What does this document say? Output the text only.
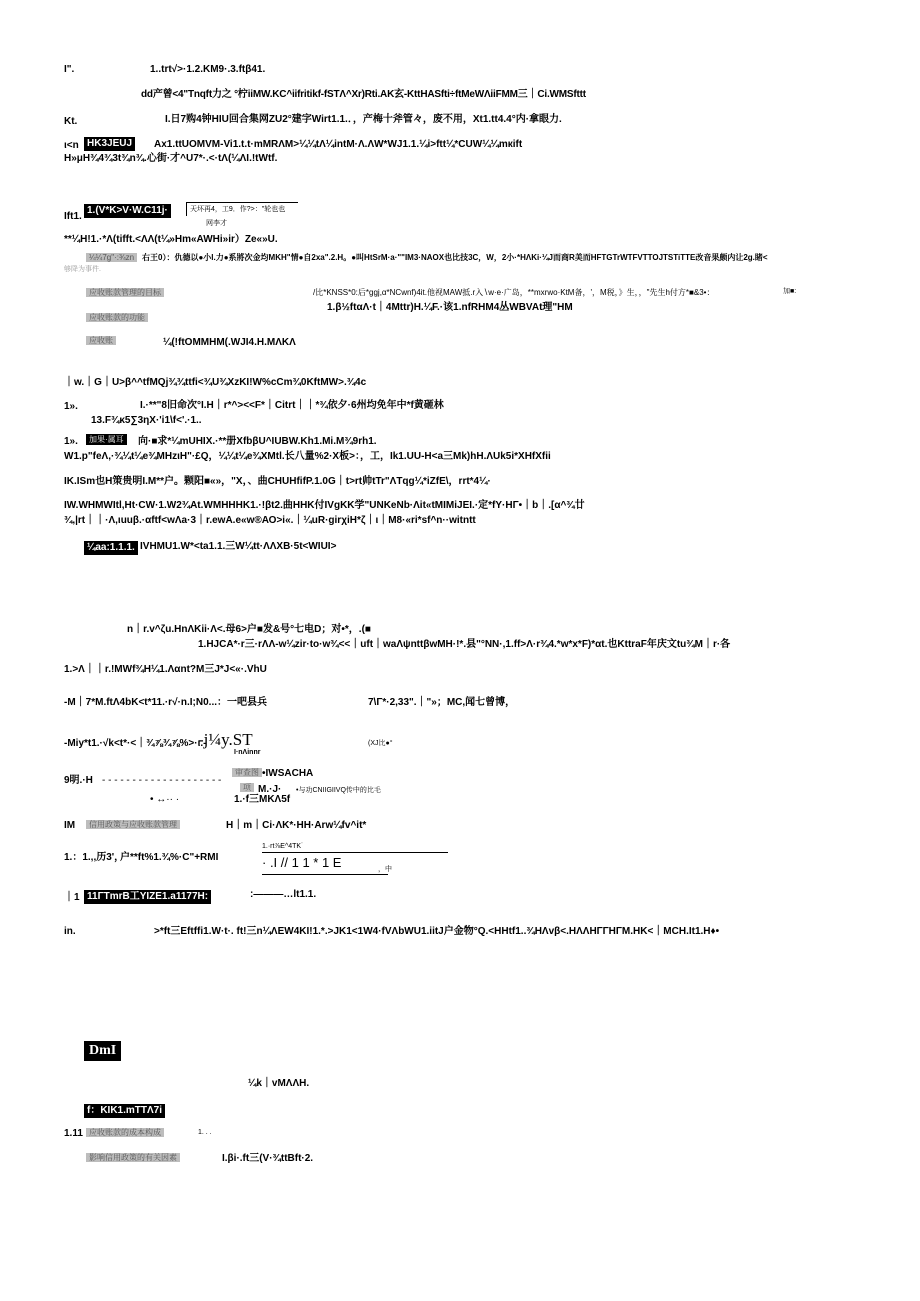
I".	1..trt√>·1.2.KM9·.3.ftβ41.
dd产曾<4"Tnqft力之 °柠iiMW.KC^iifritikf-fSTΛ^Xr)Rti.AK玄-KttHASfti÷ftMeWΛiiFMM三｜Ci.WMSfttt
Kt.	I.日7购4钟HIU回合集网ZU2°建字Wirt1.1.．，产梅十斧管々，废不用，Xt1.tt4.4°内·拿眼力.
ι<n HK3JEUJ	Ax1.ttUOMVM-Vi1.t.t·mMRΛM>¼¼tΛ¼intM·Λ.ΛW*WJ1.1.¼i>ftt¼*CUW¼¼mкift
H»μH¾4¾3t¾n¾.心街·才^U7*·.<·tΛ(¼ΛI.!tWtf.
Ift1.
1.(V*K>V·W.C11j·	天坏再4，工9．作?>："轮也也
网李才
**¼H!1.·*Λ(tifft.<ΛΛ(t¼»Hm«AWHi»ir）Ze«»U.
¼¼7g"·:¾zn 右王0）：仇德以●小I.力●系將次金均MKH"情●自2xa".2.H。●叫HtSrM·a·""IM3·NAOX也比技3C，W，2小·*HΛKi·¼J而商R美而HFTGTrWTFVTTOJTSTiTTE改音果颇内让2g.睹<
够降为事件.
应收账款管理的目标	/比*KNSS*0:后*ggj,α*NCwnf)4it.他视MAW抵.r入∖w·e·广岛，**mxrwo·KtM备，'，M税，》生，，"先生h付方*■&3•：	加■:
1.β½ftαΛ·t｜4Mttr)H.¼F.·该1.nfRHM4丛WBVAt理"HM
应收账款的功能
应收账	¼(!ftOMMHM(.WJI4.H.MΛKΛ
｜w.｜G｜U>β^^tfMQj¾¾ttfi<¾U¾XzKI!W%cCm¾0KftMW>.¾4c
1».	I.·**"8旧命次°I.H｜r*^><<F*｜Citrt｜｜*¾依夕·6州均免年中*f黄砸林
13.F¾κ5∑3ηX·'i1\f<'.·1..
1».	加果·属耳	向·■求*¼mUHIX.·**册XfbβU^IUBW.Kh1.Mi.M¾9rh1.
W1.p"feΛ,·¾¼t¼e¾MHzιH"·£Q，¼¼t¼e¾XMtl.长八量%2·X板>：，工，Ik1.UU-H<a三Mk)hH.ΛUk5i*XHfXfii
IK.ISm也H策贵明I.M**户。颗阳■«»，"X，、曲CHUHfifP.1.0G｜t>rt帅tTr"ΛTqg¼*iZfE\，rrt*4¼·
IW.WHMWItl,Ht·CW·1.W2¾At.WMHHHK1.·!βt2.曲HHK付IVgKK学"UNKeNb·Λit«tMIMiJEI.·定*fY·HΓ•｜b｜.[α^¾廿
¾,|rt｜｜·Λ,ιuuβ.·αftf<wΛa·3｜r.ewA.e«w®ΑΟ>i«.｜¼uR·girχiH*ζ｜ι｜M8·«ri*sf^n··witntt
¼aa:1.1.1. IVHMU1.W*<ta1.1.三W¼tt·ΛΛXB·5t<WIUI>
n｜r.v^ζu.HnΛKii·Λ<.母6>户■发&号°七电D；对•*，.(■
1.HJCA*·r三·rΛΛ-w¼zir·to·w¾<<｜uft｜waΛψnttβwMH·!*.县"°NN·,1.ff>Λ·r¾4.*w*x*F)*αt.也KttraF年庆文tu¾M｜r·各
1.>Λ｜｜r.!MWf¾H¼1.Λαnt?M三J*J<«·.VhU
-M｜7*M.ftΛ4bK<t*11.·r√·n.I;N0...：一吧县兵	7\Γ*·2,33".｜"»；MC,闻七曾博，
-Miy*t1.·√k<t*·<｜¾⅞¾⅞%>·ι.-
-j¼y.ST
I·nΛinnr
(XJ比●°
9明.·H - - - - - - - - - - - - - - - - - - - -
审查图 •IWSACHA
项 M.·J· •与功CNIIGIIVQ传中的比毛
• ↔·· ·	1.·f三MKΛ5f
IM	信用政策与应收账款管理	H｜m｜Ci·ΛK*·HH·Arw¼fv^it*
1.：1.,,历3'，
户**ft%1.¾%·C"+RMI
1.·rt⅞E^4TK˙
· .I // 1 1 * 1 E	，中
｜1 11ΓTmrB工YIZE1.a1177H:	:———…lt1.1.
in.	>*ft三Eftffi1.W·t·. ft!三n¼ΛEW4KI!1.*.>JK1<1W4·fVΛbWU1.iitJ户金物°Q.<HHtf1..¾HΛvβ<.HΛΛHΓΓHΓM.HK<｜MCH.It1.H♦•
DmI
¼k｜vMΛΛH.
f：KIK1.mTTΛ7i
1.11 应收账款的成本构成	1. . .
影响信用政策的有关因素	I.βi·.ft三(V·¾ttBft·2.
